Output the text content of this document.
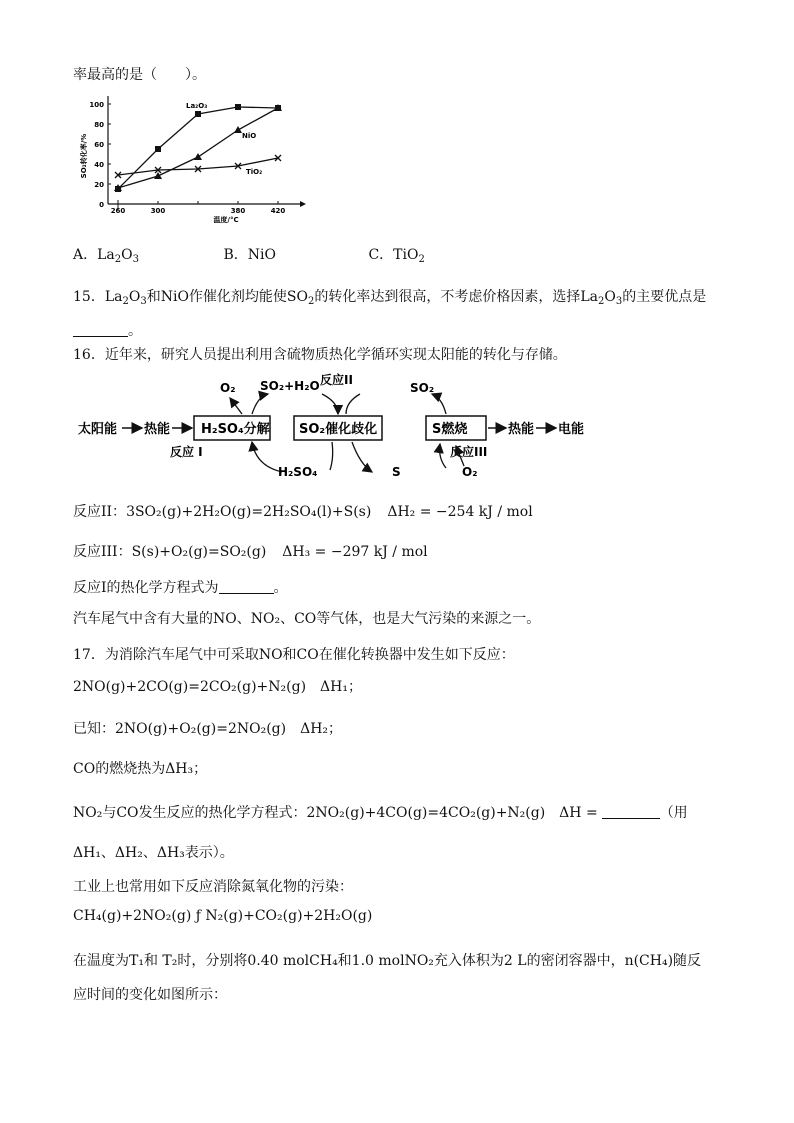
率最高的是（　　）。
0
20
40
60
80
100
260	300	380	420
SO₂转化率/%
温度/°C
La₂O₃
NiO
TiO₂
A．$La_2O_3$	B．NiO	C．TiO$_2$
15．$La_2O_3$和NiO作催化剂均能使$SO_2$的转化率达到很高，不考虑价格因素，选择$La_2O_3$的主要优点是
。
16．近年来，研究人员提出利用含硫物质热化学循环实现太阳能的转化与存储。
太阳能 热能 H₂SO₄分解 SO₂催化歧化	S燃烧	热能 电能
O₂ SO₂+H₂O 反应II
SO₂
反应 I
H₂SO₄	S
反应III
O₂
反应II：3SO₂(g)+2H₂O(g)=2H₂SO₄(l)+S(s) ΔH₂ = −254 kJ / mol
反应III：S(s)+O₂(g)=SO₂(g) ΔH₃ = −297 kJ / mol
反应I的热化学方程式为	。
汽车尾气中含有大量的NO、NO₂、CO等气体，也是大气污染的来源之一。
17．为消除汽车尾气中可采取NO和CO在催化转换器中发生如下反应：
2NO(g)+2CO(g)=2CO₂(g)+N₂(g)　ΔH₁；
已知：2NO(g)+O₂(g)=2NO₂(g)　ΔH₂；
CO的燃烧热为ΔH₃；
NO₂与CO发生反应的热化学方程式：2NO₂(g)+4CO(g)=4CO₂(g)+N₂(g)　ΔH =	（用
ΔH₁、ΔH₂、ΔH₃表示）。
工业上也常用如下反应消除氮氧化物的污染：
CH₄(g)+2NO₂(g) ƒ N₂(g)+CO₂(g)+2H₂O(g)
在温度为T₁和 T₂时，分别将0.40 molCH₄和1.0 molNO₂充入体积为2 L的密闭容器中，n(CH₄)随反
应时间的变化如图所示：
